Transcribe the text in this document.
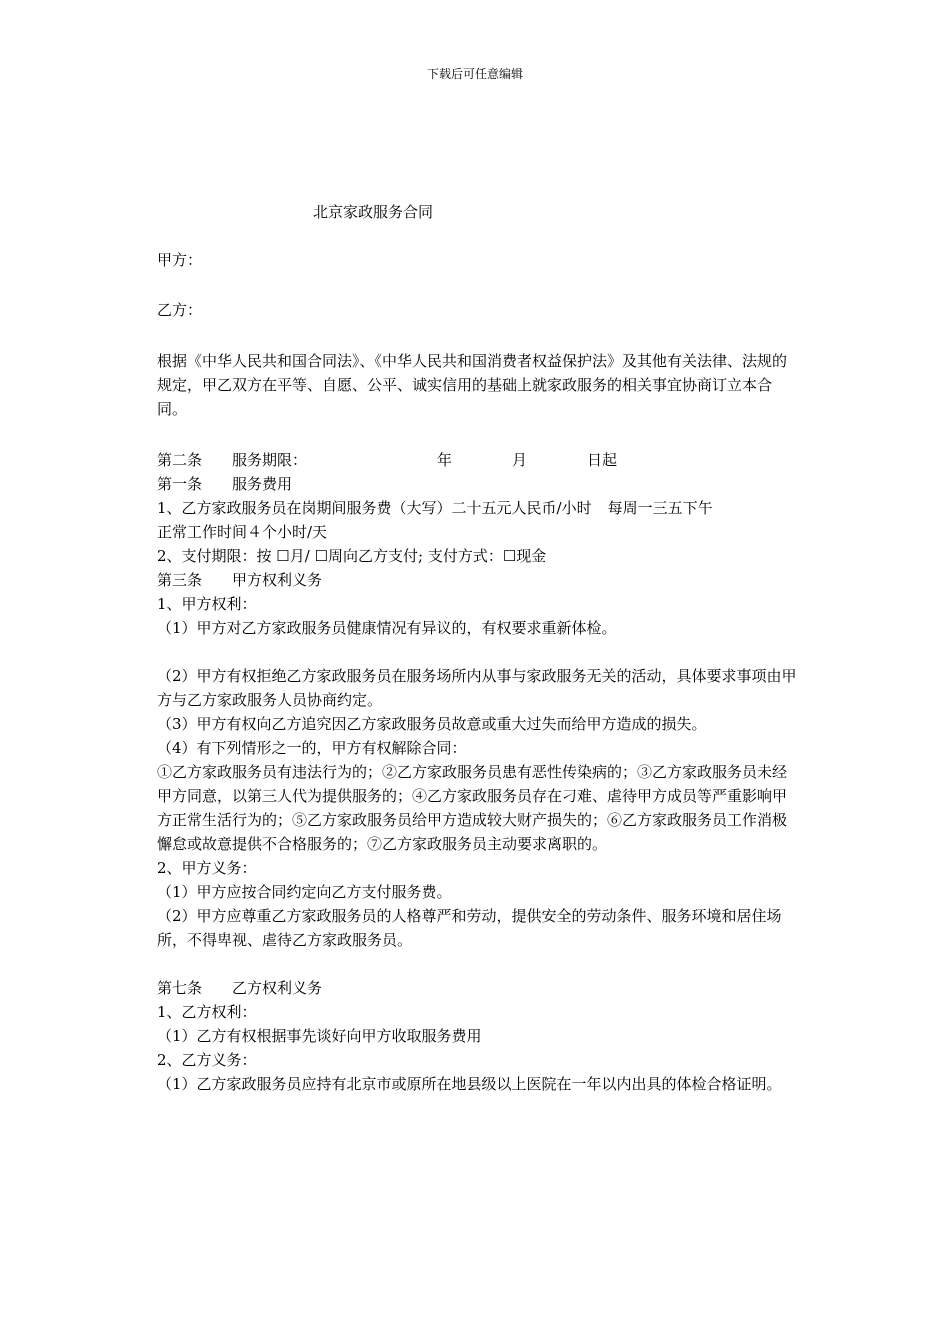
下载后可任意编辑
北京家政服务合同
甲方：
乙方：
根据《中华人民共和国合同法》、《中华人民共和国消费者权益保护法》及其他有关法律、法规的规定，甲乙双方在平等、自愿、公平、诚实信用的基础上就家政服务的相关事宜协商订立本合同。
第二条 服务期限：	年	月	日起
第一条 服务费用
1、乙方家政服务员在岗期间服务费（大写）二十五元人民币/小时 每周一三五下午
正常工作时间４个小时/天
2、支付期限：按 ☐月/ ☐周向乙方支付; 支付方式：☐现金
第三条 甲方权利义务
1、甲方权利：
（1）甲方对乙方家政服务员健康情况有异议的，有权要求重新体检。
（2）甲方有权拒绝乙方家政服务员在服务场所内从事与家政服务无关的活动，具体要求事项由甲方与乙方家政服务人员协商约定。
（3）甲方有权向乙方追究因乙方家政服务员故意或重大过失而给甲方造成的损失。
（4）有下列情形之一的，甲方有权解除合同：
①乙方家政服务员有违法行为的；②乙方家政服务员患有恶性传染病的；③乙方家政服务员未经甲方同意，以第三人代为提供服务的；④乙方家政服务员存在刁难、虐待甲方成员等严重影响甲方正常生活行为的；⑤乙方家政服务员给甲方造成较大财产损失的；⑥乙方家政服务员工作消极懈怠或故意提供不合格服务的；⑦乙方家政服务员主动要求离职的。
2、甲方义务：
（1）甲方应按合同约定向乙方支付服务费。
（2）甲方应尊重乙方家政服务员的人格尊严和劳动，提供安全的劳动条件、服务环境和居住场所，不得卑视、虐待乙方家政服务员。
第七条 乙方权利义务
1、乙方权利：
（1）乙方有权根据事先谈好向甲方收取服务费用
2、乙方义务：
（1）乙方家政服务员应持有北京市或原所在地县级以上医院在一年以内出具的体检合格证明。
